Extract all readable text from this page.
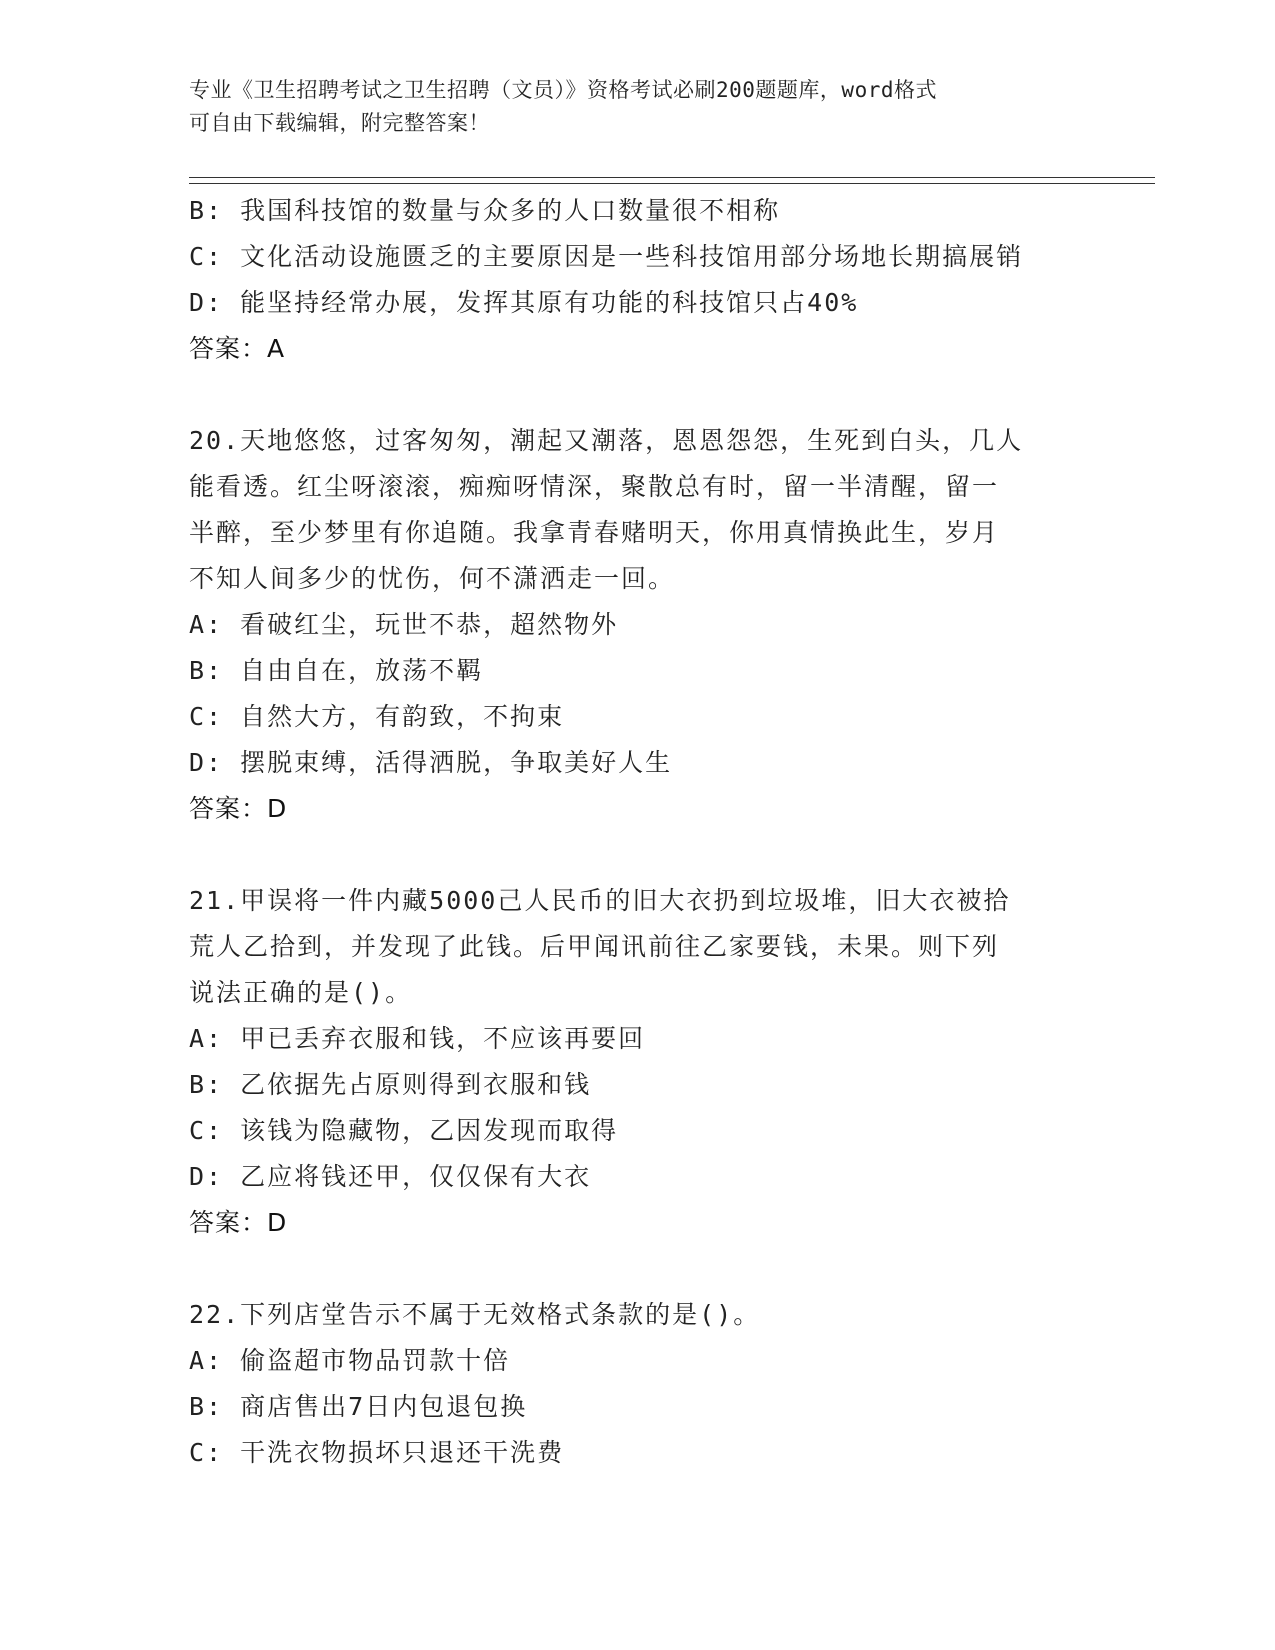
专业《卫生招聘考试之卫生招聘（文员）》资格考试必刷200题题库，word格式
可自由下载编辑，附完整答案！
B: 我国科技馆的数量与众多的人口数量很不相称
C: 文化活动设施匮乏的主要原因是一些科技馆用部分场地长期搞展销
D: 能坚持经常办展，发挥其原有功能的科技馆只占40%
答案：A
20.天地悠悠，过客匆匆，潮起又潮落，恩恩怨怨，生死到白头，几人
能看透。红尘呀滚滚，痴痴呀情深，聚散总有时，留一半清醒，留一
半醉，至少梦里有你追随。我拿青春赌明天，你用真情换此生，岁月
不知人间多少的忧伤，何不潇洒走一回。
A: 看破红尘，玩世不恭，超然物外
B: 自由自在，放荡不羁
C: 自然大方，有韵致，不拘束
D: 摆脱束缚，活得洒脱，争取美好人生
答案：D
21.甲误将一件内藏5000己人民币的旧大衣扔到垃圾堆，旧大衣被拾
荒人乙拾到，并发现了此钱。后甲闻讯前往乙家要钱，未果。则下列
说法正确的是()。
A: 甲已丢弃衣服和钱，不应该再要回
B: 乙依据先占原则得到衣服和钱
C: 该钱为隐藏物，乙因发现而取得
D: 乙应将钱还甲，仅仅保有大衣
答案：D
22.下列店堂告示不属于无效格式条款的是()。
A: 偷盗超市物品罚款十倍
B: 商店售出7日内包退包换
C: 干洗衣物损坏只退还干洗费
